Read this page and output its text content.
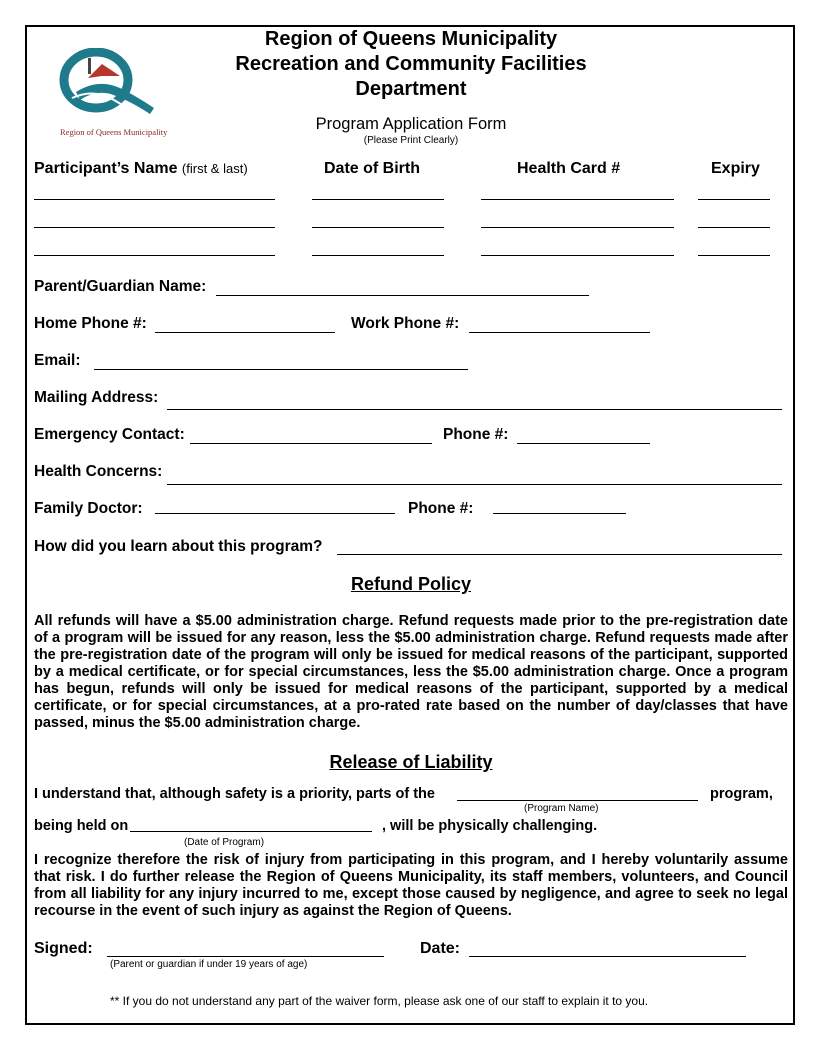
Region of Queens Municipality
Region of Queens Municipality
Recreation and Community Facilities
Department
Program Application Form
(Please Print Clearly)
Participant’s Name (first & last)	Date of Birth	Health Card #	Expiry
Parent/Guardian Name:
Home Phone #:	Work Phone #:
Email:
Mailing Address:
Emergency Contact:	Phone #:
Health Concerns:
Family Doctor:	Phone #:
How did you learn about this program?
Refund Policy
All refunds will have a $5.00 administration charge. Refund requests made prior to the pre-registration date of a program will be issued for any reason, less the $5.00 administration charge. Refund requests made after the pre-registration date of the program will only be issued for medical reasons of the participant, supported by a medical certificate, or for special circumstances, less the $5.00 administration charge. Once a program has begun, refunds will only be issued for medical reasons of the participant, supported by a medical certificate, or for special circumstances, at a pro-rated rate based on the number of day/classes that have passed, minus the $5.00 administration charge.
Release of Liability
I understand that, although safety is a priority, parts of the	program,
(Program Name)
being held on	, will be physically challenging.
(Date of Program)
I recognize therefore the risk of injury from participating in this program, and I hereby voluntarily assume that risk. I do further release the Region of Queens Municipality, its staff members, volunteers, and Council from all liability for any injury incurred to me, except those caused by negligence, and agree to seek no legal recourse in the event of such injury as against the Region of Queens.
Signed:
(Parent or guardian if under 19 years of age)
Date:
** If you do not understand any part of the waiver form, please ask one of our staff to explain it to you.
